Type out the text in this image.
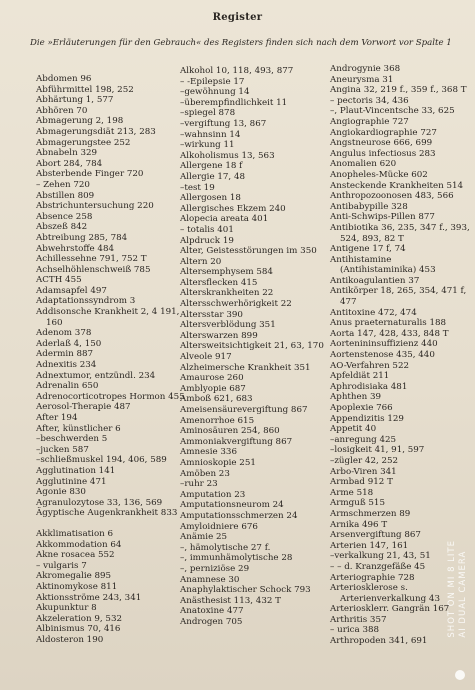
Register
Die »Erläuterungen für den Gebrauch« des Registers finden sich nach dem Vorwort vor Spalte 1
Abdomen 96
Abführmittel 198, 252
Abhärtung 1, 577
Abhören 70
Abmagerung 2, 198
Abmagerungsdiät 213, 283
Abmagerungstee 252
Abnabeln 329
Abort 284, 784
Absterbende Finger 720
– Zehen 720
Abstillen 809
Abstrichuntersuchung 220
Absence 258
Abszeß 842
Abtreibung 285, 784
Abwehrstoffe 484
Achillessehne 791, 752 T
Achselhöhlenschweiß 785
ACTH 455
Adamsapfel 497
Adaptationssyndrom 3
Addisonsche Krankheit 2, 4 191, 160
Adenom 378
Aderlaß 4, 150
Adermin 887
Adnexitis 234
Adnextumor, entzündl. 234
Adrenalin 650
Adrenocorticotropes Hormon 455
Aerosol-Therapie 487
After 194
After, künstlicher 6
–beschwerden 5
–jucken 587
–schließmuskel 194, 406, 589
Agglutination 141
Agglutinine 471
Agonie 830
Agranulozytose 33, 136, 569
Ägyptische Augenkrankheit 833
Akklimatisation 6
Akkommodation 64
Akne rosacea 552
– vulgaris 7
Akromegalie 895
Aktinomykose 811
Aktionsströme 243, 341
Akupunktur 8
Akzeleration 9, 532
Albinismus 70, 416
Aldosteron 190
Alkohol 10, 118, 493, 877
– -Epilepsie 17
–gewöhnung 14
–überempfindlichkeit 11
–spiegel 878
–vergiftung 13, 867
–wahnsinn 14
–wirkung 11
Alkoholismus 13, 563
Allergene 18 f
Allergie 17, 48
–test 19
Allergosen 18
Allergisches Ekzem 240
Alopecia areata 401
– totalis 401
Alpdruck 19
Alter, Geistesstörungen im 350
Altern 20
Altersemphysem 584
Altersflecken 415
Alterskrankheiten 22
Altersschwerhörigkeit 22
Altersstar 390
Altersverblödung 351
Alterswarzen 899
Altersweitsichtigkeit 21, 63, 170
Alveole 917
Alzheimersche Krankheit 351
Amaurose 260
Amblyopie 687
Amboß 621, 683
Ameisensäurevergiftung 867
Amenorrhoe 615
Aminosäuren 254, 860
Ammoniakvergiftung 867
Amnesie 336
Amnioskopie 251
Amöben 23
–ruhr 23
Amputation 23
Amputationsneurom 24
Amputationsschmerzen 24
Amyloidniere 676
Anämie 25
–, hämolytische 27 f.
–, immunhämolytische 28
–, perniziöse 29
Anamnese 30
Anaphylaktischer Schock 793
Anästhesist 113, 432 T
Anatoxine 477
Androgen 705
Androgynie 368
Aneurysma 31
Angina 32, 219 f., 359 f., 368 T
– pectoris 34, 436
–, Plaut-Vincentsche 33, 625
Angiographie 727
Angiokardiographie 727
Angstneurose 666, 699
Angulus infectiosus 283
Anomalien 620
Anopheles-Mücke 602
Ansteckende Krankheiten 514
Anthropozoonosen 483, 566
Antibabypille 328
Anti-Schwips-Pillen 877
Antibiotika 36, 235, 347 f., 393, 524, 893, 82 T
Antigene 17 f, 74
Antihistamine (Antihistaminika) 453
Antikoagulantien 37
Antikörper 18, 265, 354, 471 f, 477
Antitoxine 472, 474
Anus praeternaturalis 188
Aorta 147, 428, 433, 848 T
Aortenininsuffizienz 440
Aortenstenose 435, 440
AO-Verfahren 522
Apfeldiät 211
Aphrodisiaka 481
Aphthen 39
Apoplexie 766
Appendizitis 129
Appetit 40
–anregung 425
–losigkeit 41, 91, 597
–zügler 42, 252
Arbo-Viren 341
Armbad 912 T
Arme 518
Armguß 515
Armschmerzen 89
Arnika 496 T
Arsenvergiftung 867
Arterien 147, 161
–verkalkung 21, 43, 51
– – d. Kranzgefäße 45
Arteriographie 728
Arteriosklerose s. Arterienverkalkung 43
Arteriosklerr. Gangrän 167
Arthritis 357
– urica 388
Arthropoden 341, 691
SHOT ON MI 8 LITE AI DUAL CAMERA
